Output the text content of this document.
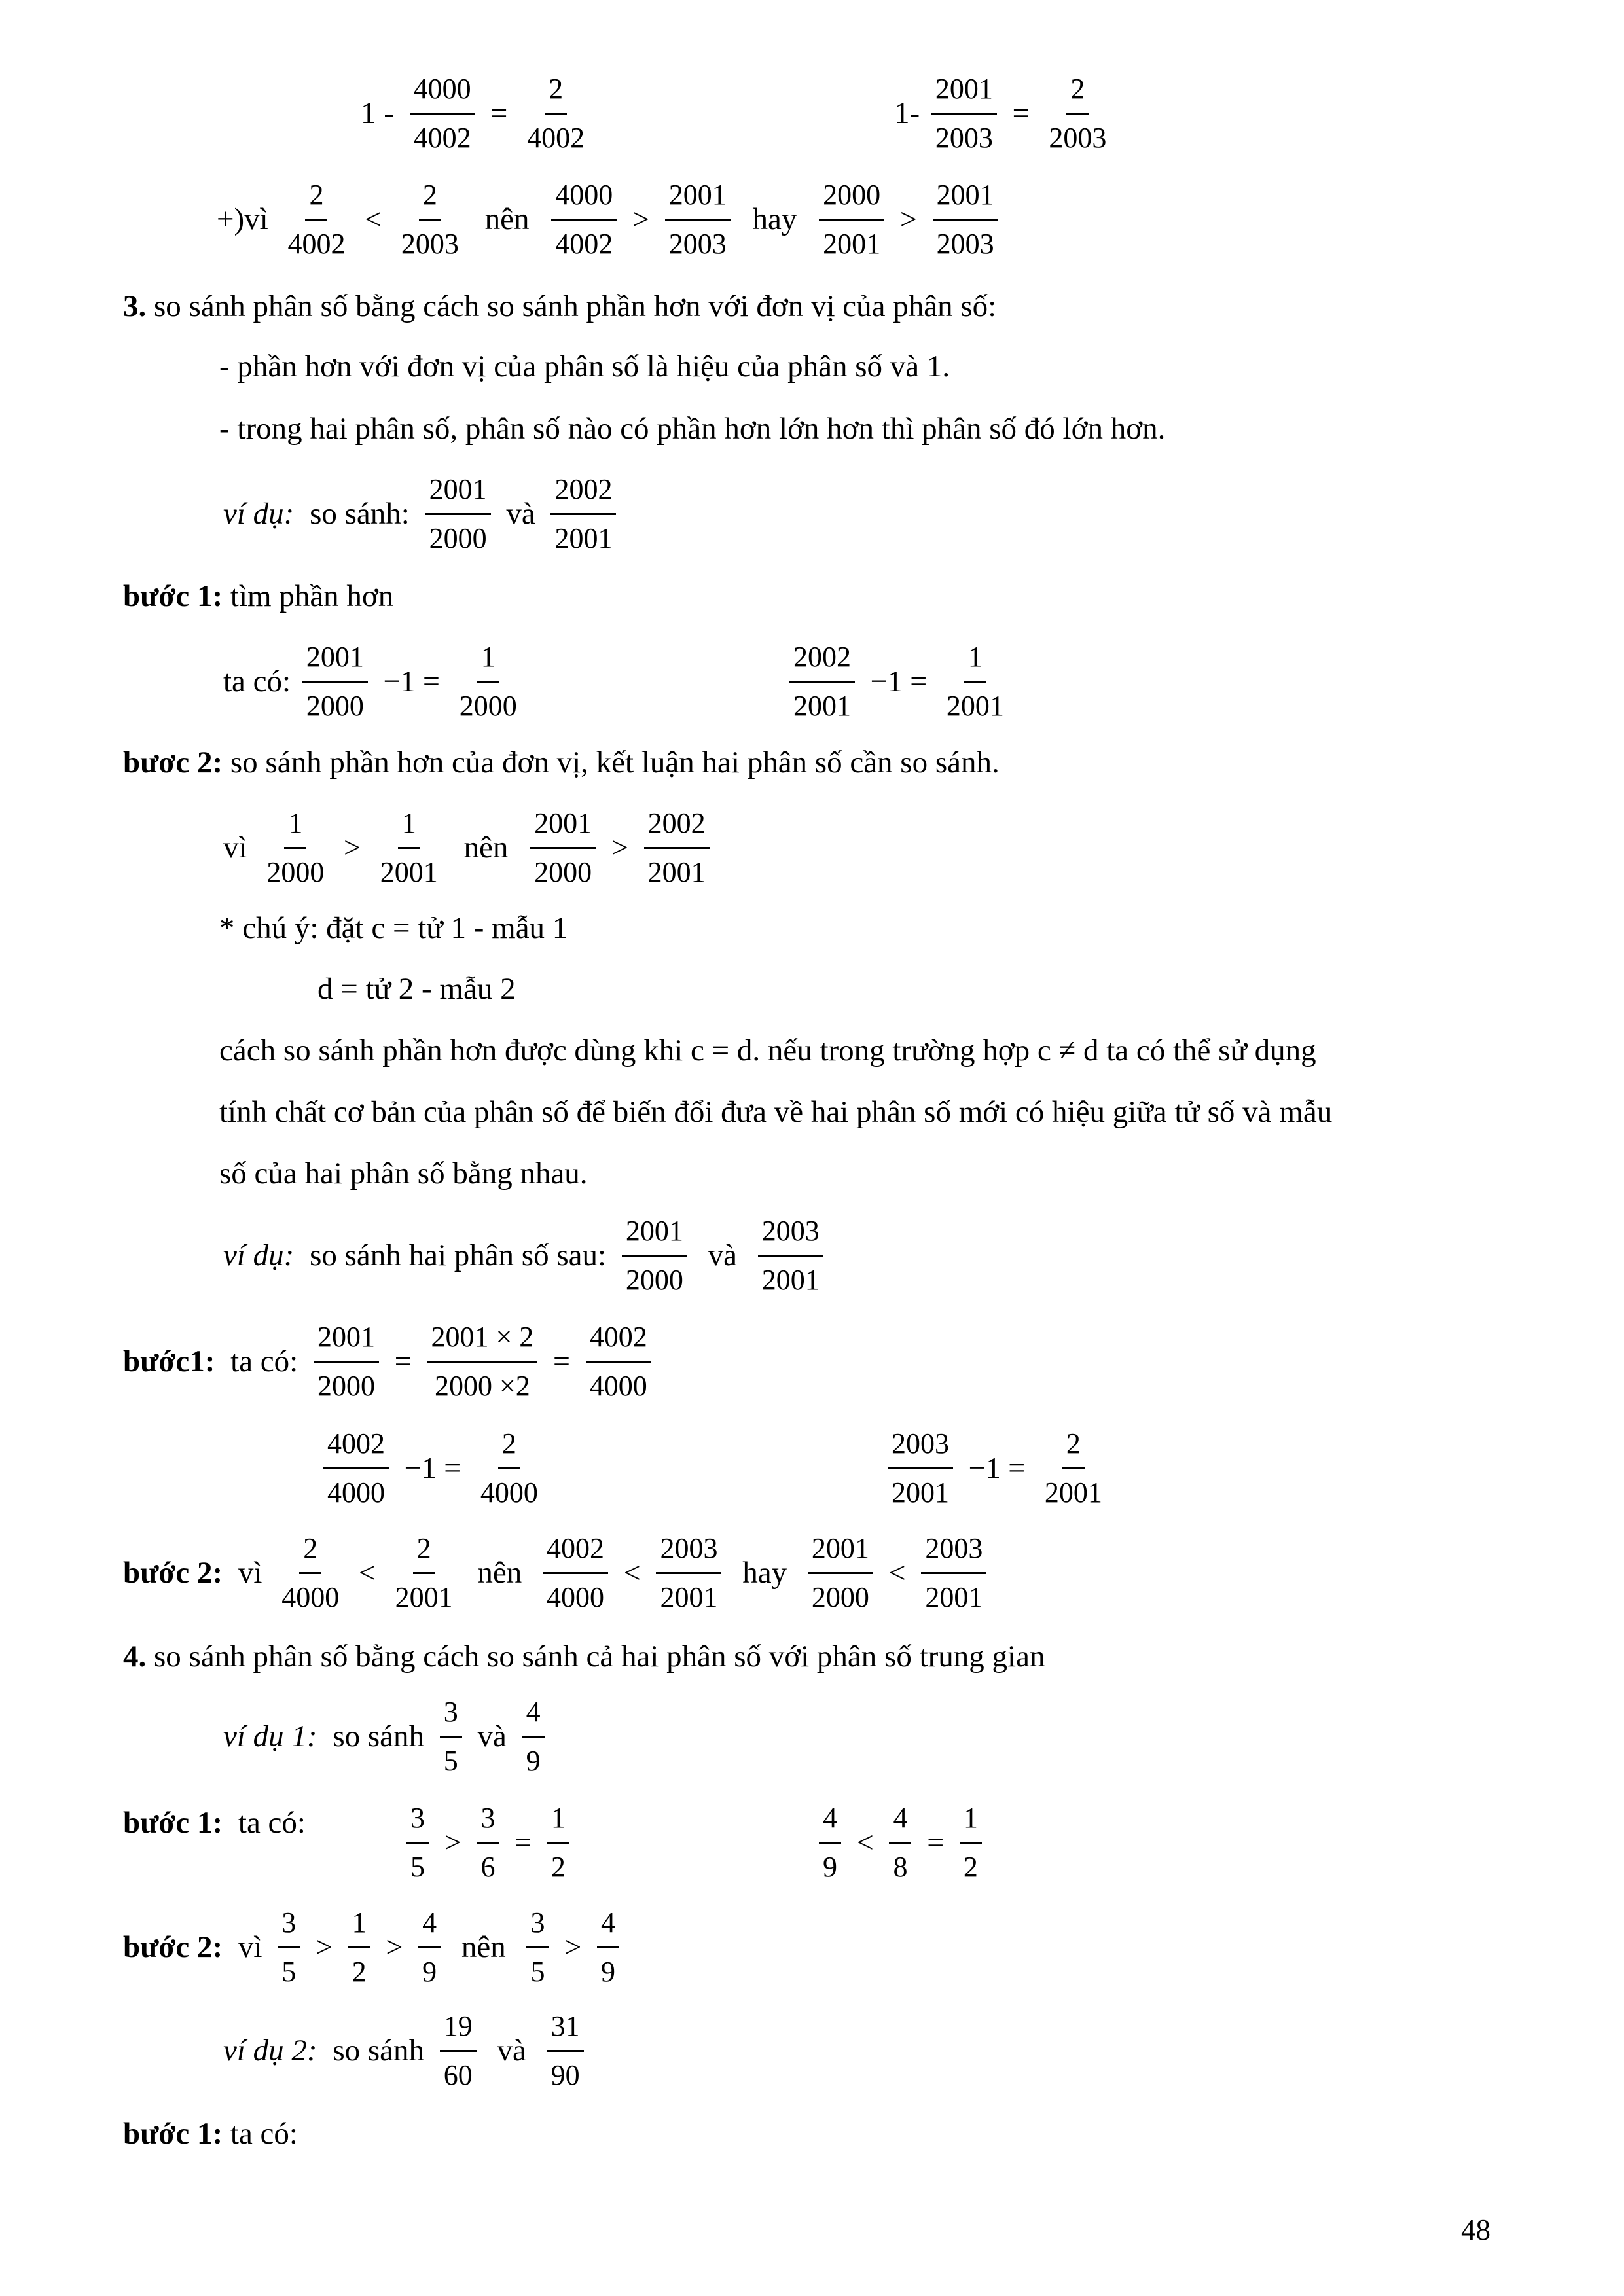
$1 - \frac{4000}{4002} = \frac{2}{4002}$	$1- \frac{2001}{2003} = \frac{2}{2003}$
+)vì $\frac{2}{4002} < \frac{2}{2003}$ nên $\frac{4000}{4002} > \frac{2001}{2003}$ hay $\frac{2000}{2001} > \frac{2001}{2003}$
3. so sánh phân số bằng cách so sánh phần hơn với đơn vị của phân số:
- phần hơn với đơn vị của phân số là hiệu của phân số và 1.
- trong hai phân số, phân số nào có phần hơn lớn hơn thì phân số đó lớn hơn.
ví dụ: so sánh: $\frac{2001}{2000}$ và $\frac{2002}{2001}$
bước 1: tìm phần hơn
ta có: $\frac{2001}{2000} -1 = \frac{1}{2000}$	$\frac{2002}{2001} -1 = \frac{1}{2001}$
bươc 2: so sánh phần hơn của đơn vị, kết luận hai phân số cần so sánh.
vì $\frac{1}{2000} > \frac{1}{2001}$ nên $\frac{2001}{2000} > \frac{2002}{2001}$
* chú ý: đặt c = tử 1 - mẫu 1
d = tử 2 - mẫu 2
cách so sánh phần hơn được dùng khi c = d. nếu trong trường hợp c ≠ d ta có thể sử dụng
tính chất cơ bản của phân số để biến đổi đưa về hai phân số mới có hiệu giữa tử số và mẫu
số của hai phân số bằng nhau.
ví dụ: so sánh hai phân số sau: $\frac{2001}{2000}$ và $\frac{2003}{2001}$
bước1: ta có: $\frac{2001}{2000} = \frac{2001 \times 2}{2000 \times 2} = \frac{4002}{4000}$
$\frac{4002}{4000} -1 = \frac{2}{4000}$	$\frac{2003}{2001} -1 = \frac{2}{2001}$
bước 2: vì $\frac{2}{4000} < \frac{2}{2001}$ nên $\frac{4002}{4000} < \frac{2003}{2001}$ hay $\frac{2001}{2000} < \frac{2003}{2001}$
4. so sánh phân số bằng cách so sánh cả hai phân số với phân số trung gian
ví dụ 1: so sánh $\frac{3}{5}$ và $\frac{4}{9}$
bước 1: ta có:	$\frac{3}{5} > \frac{3}{6} = \frac{1}{2}$	$\frac{4}{9} < \frac{4}{8} = \frac{1}{2}$
bước 2: vì $\frac{3}{5} > \frac{1}{2} > \frac{4}{9}$ nên $\frac{3}{5} > \frac{4}{9}$
ví dụ 2: so sánh $\frac{19}{60}$ và $\frac{31}{90}$
bước 1: ta có:
48
